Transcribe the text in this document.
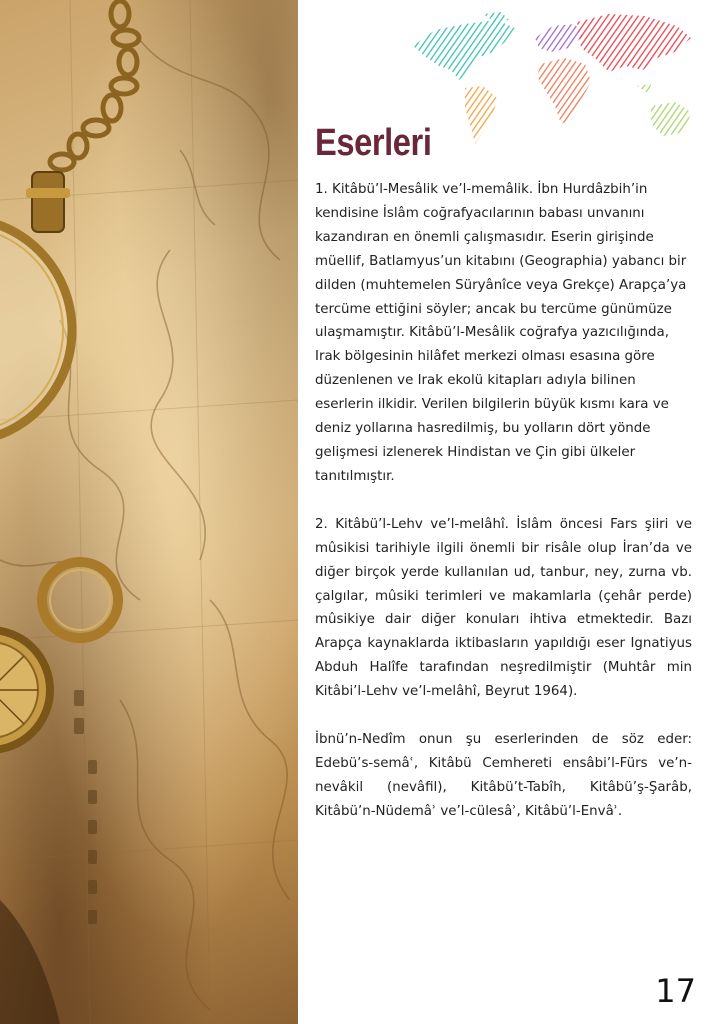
Eserleri

1. Kitâbü’l-Mesâlik ve’l-memâlik. İbn Hurdâzbih’in kendisine İslâm coğrafyacılarının babası unvanını kazandıran en önemli çalışmasıdır. Eserin girişinde müellif, Batlamyus’un kitabını (Geographia) yabancı bir dilden (muhtemelen Süryânîce veya Grekçe) Arapça’ya tercüme ettiğini söyler; ancak bu tercüme günümüze ulaşmamıştır. Kitâbü’l-Mesâlik coğrafya yazıcılığında, Irak bölgesinin hilâfet merkezi olması esasına göre düzenlenen ve Irak ekolü kitapları adıyla bilinen eserlerin ilkidir. Verilen bilgilerin büyük kısmı kara ve deniz yollarına hasredilmiş, bu yolların dört yönde gelişmesi izlenerek Hindistan ve Çin gibi ülkeler tanıtılmıştır.

2. Kitâbü’l-Lehv ve’l-melâhî. İslâm öncesi Fars şiiri ve mûsikisi tarihiyle ilgili önemli bir risâle olup İran’da ve diğer birçok yerde kullanılan ud, tanbur, ney, zurna vb. çalgılar, mûsiki terimleri ve makamlarla (çehâr perde) mûsikiye dair diğer konuları ihtiva etmektedir. Bazı Arapça kaynaklarda iktibasların yapıldığı eser Ignatiyus Abduh Halîfe tarafından neşredilmiştir (Muhtâr min Kitâbi’l-Lehv ve’l-melâhî, Beyrut 1964).

İbnü’n-Nedîm onun şu eserlerinden de söz eder: Edebü’s-semâʿ, Kitâbü Cemhereti ensâbi’l-Fürs ve’n-nevâkil (nevâfil), Kitâbü’t-Tabîh, Kitâbü’ş-Şarâb, Kitâbü’n-Nüdemâʾ ve’l-cülesâʾ, Kitâbü’l-Envâʾ.

17
